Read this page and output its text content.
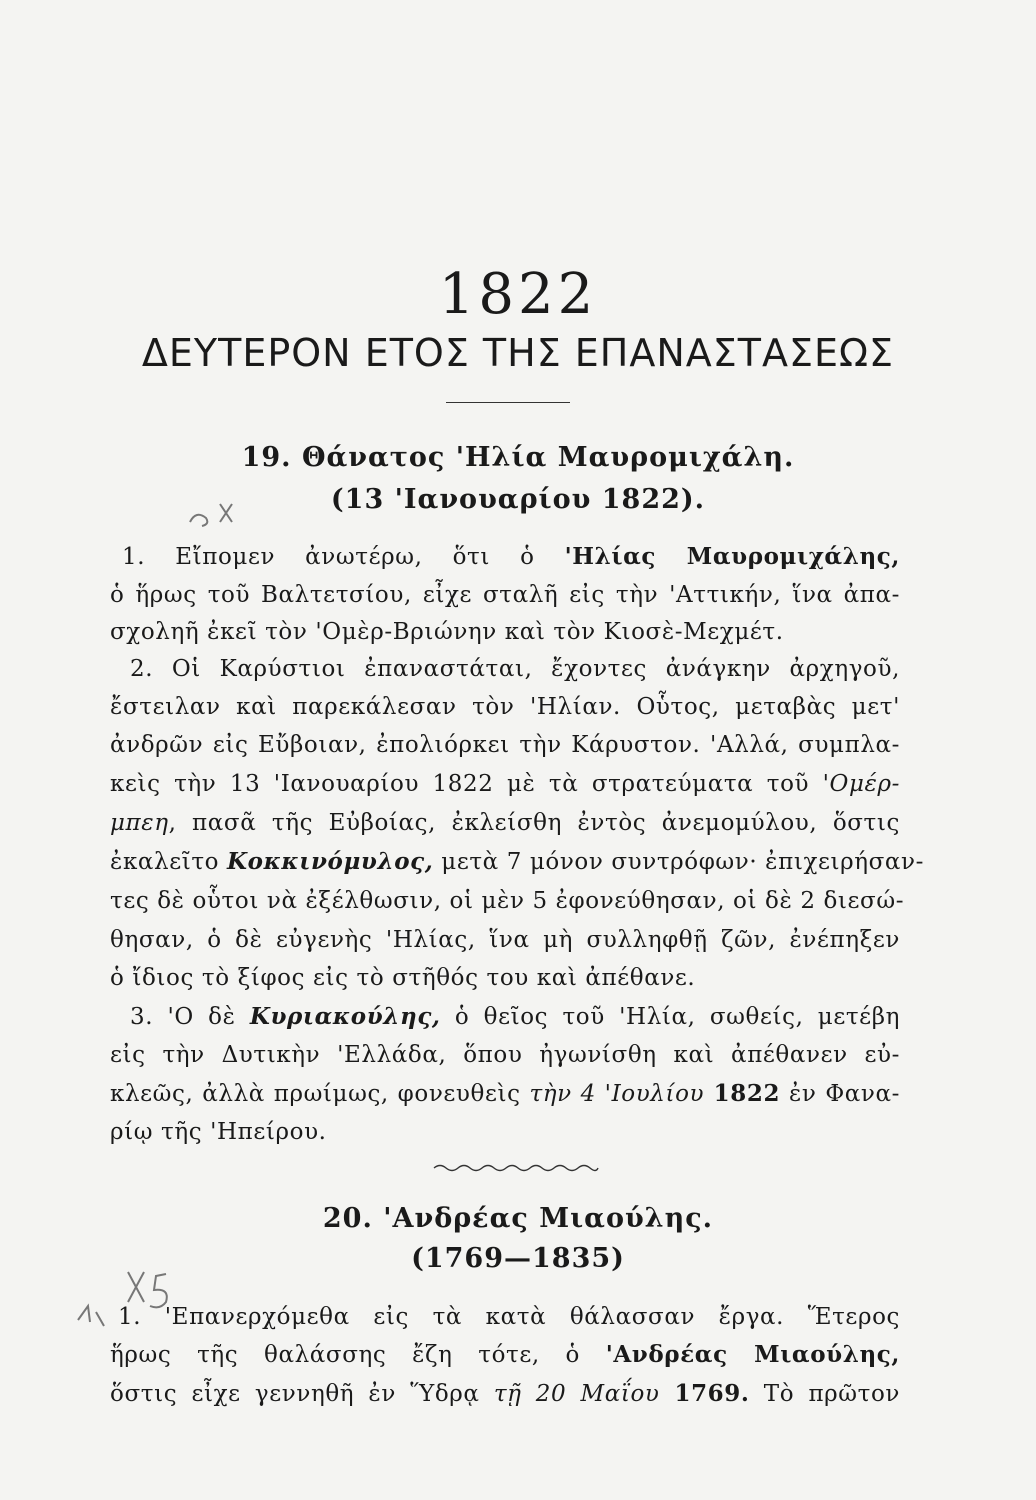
1822
ΔΕΥΤΕΡΟΝ ΕΤΟΣ ΤΗΣ ΕΠΑΝΑΣΤΑΣΕΩΣ
19. Θάνατος 'Ηλία Μαυρομιχάλη.
(13 'Ιανουαρίου 1822).
1. Εἴπομεν ἀνωτέρω, ὅτι ὁ 'Ηλίας Μαυρομιχάλης,
ὁ ἥρως τοῦ Βαλτετσίου, εἶχε σταλῆ εἰς τὴν 'Αττικήν, ἵνα ἀπα-
σχοληῆ ἐκεῖ τὸν 'Ομὲρ-Βριώνην καὶ τὸν Κιοσὲ-Μεχμέτ.
2. Οἱ Καρύστιοι ἐπαναστάται, ἔχοντες ἀνάγκην ἀρχηγοῦ,
ἔστειλαν καὶ παρεκάλεσαν τὸν 'Ηλίαν. Οὗτος, μεταβὰς μετ'
ἀνδρῶν εἰς Εὔβοιαν, ἐπολιόρκει τὴν Κάρυστον. 'Αλλά, συμπλα-
κεὶς τὴν 13 'Ιανουαρίου 1822 μὲ τὰ στρατεύματα τοῦ 'Ομέρ-
μπεη, πασᾶ τῆς Εὐβοίας, ἐκλείσθη ἐντὸς ἀνεμομύλου, ὅστις
ἐκαλεῖτο Κοκκινόμυλος, μετὰ 7 μόνον συντρόφων· ἐπιχειρήσαν-
τες δὲ οὗτοι νὰ ἐξέλθωσιν, οἱ μὲν 5 ἐφονεύθησαν, οἱ δὲ 2 διεσώ-
θησαν, ὁ δὲ εὐγενὴς 'Ηλίας, ἵνα μὴ συλληφθῇ ζῶν, ἐνέπηξεν
ὁ ἴδιος τὸ ξίφος εἰς τὸ στῆθός του καὶ ἀπέθανε.
3. 'Ο δὲ Κυριακούλης, ὁ θεῖος τοῦ 'Ηλία, σωθείς, μετέβη
εἰς τὴν Δυτικὴν 'Ελλάδα, ὅπου ἠγωνίσθη καὶ ἀπέθανεν εὐ-
κλεῶς, ἀλλὰ πρωίμως, φονευθεὶς τὴν 4 'Ιουλίου 1822 ἐν Φανα-
ρίῳ τῆς 'Ηπείρου.
20. 'Ανδρέας Μιαούλης.
(1769—1835)
1. 'Επανερχόμεθα εἰς τὰ κατὰ θάλασσαν ἔργα. Ἕτερος
ἥρως τῆς θαλάσσης ἔζη τότε, ὁ 'Ανδρέας Μιαούλης,
ὅστις εἶχε γεννηθῆ ἐν Ὕδρᾳ τῇ 20 Μαΐου 1769. Τὸ πρῶτον
